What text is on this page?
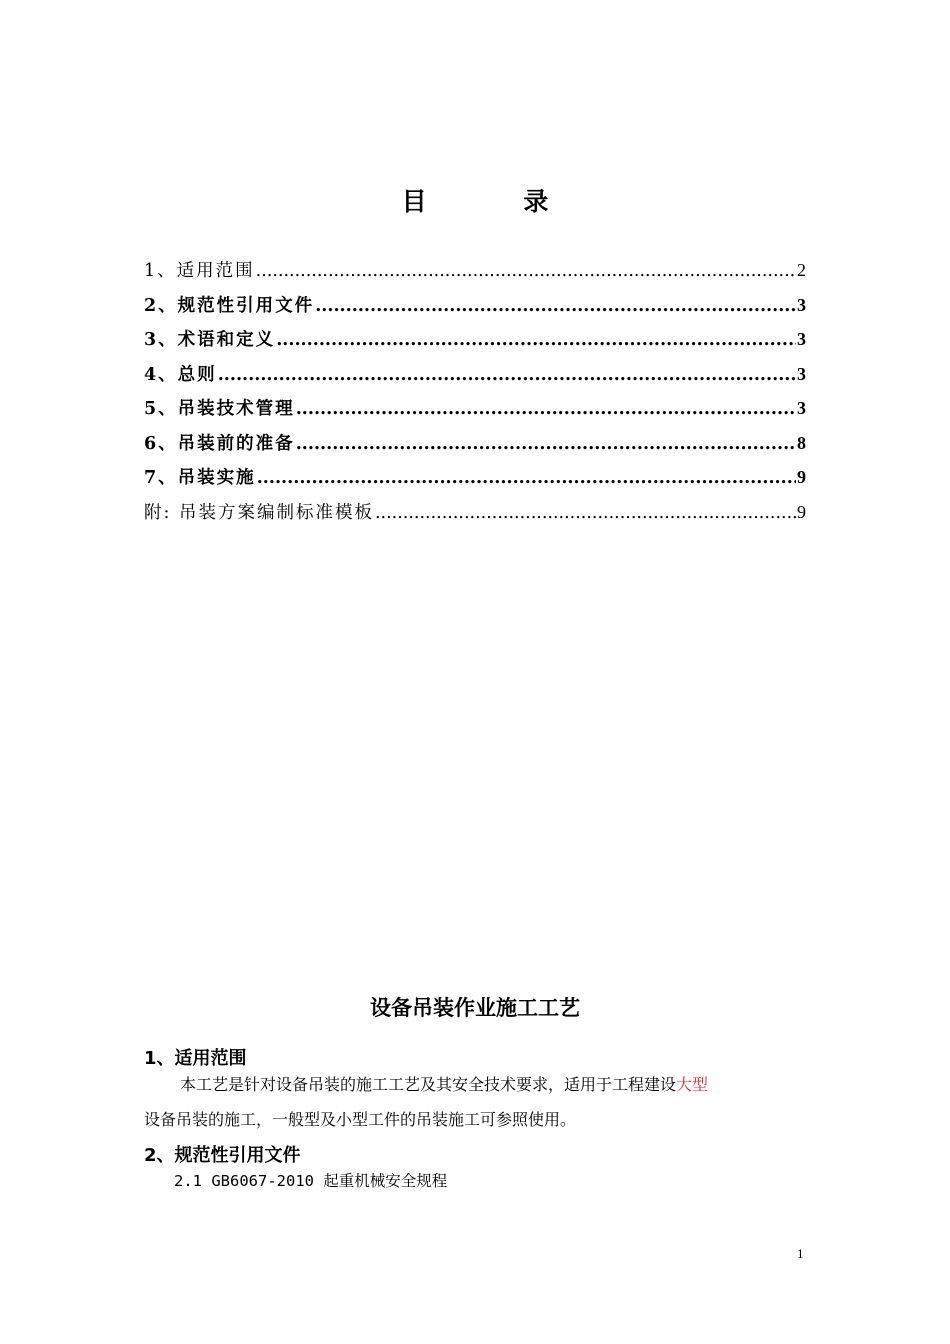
目 录
1、适用范围 .....	2
2、规范性引用文件 .....	3
3、术语和定义 .....	3
4、总则 .....	3
5、吊装技术管理 .....	3
6、吊装前的准备 .....	8
7、吊装实施 .....	9
附: 吊装方案编制标准模板 .....	9
设备吊装作业施工工艺
1、适用范围
本工艺是针对设备吊装的施工工艺及其安全技术要求，适用于工程建设大型
设备吊装的施工，一般型及小型工件的吊装施工可参照使用。
2、规范性引用文件
2.1 GB6067-2010 起重机械安全规程
1
